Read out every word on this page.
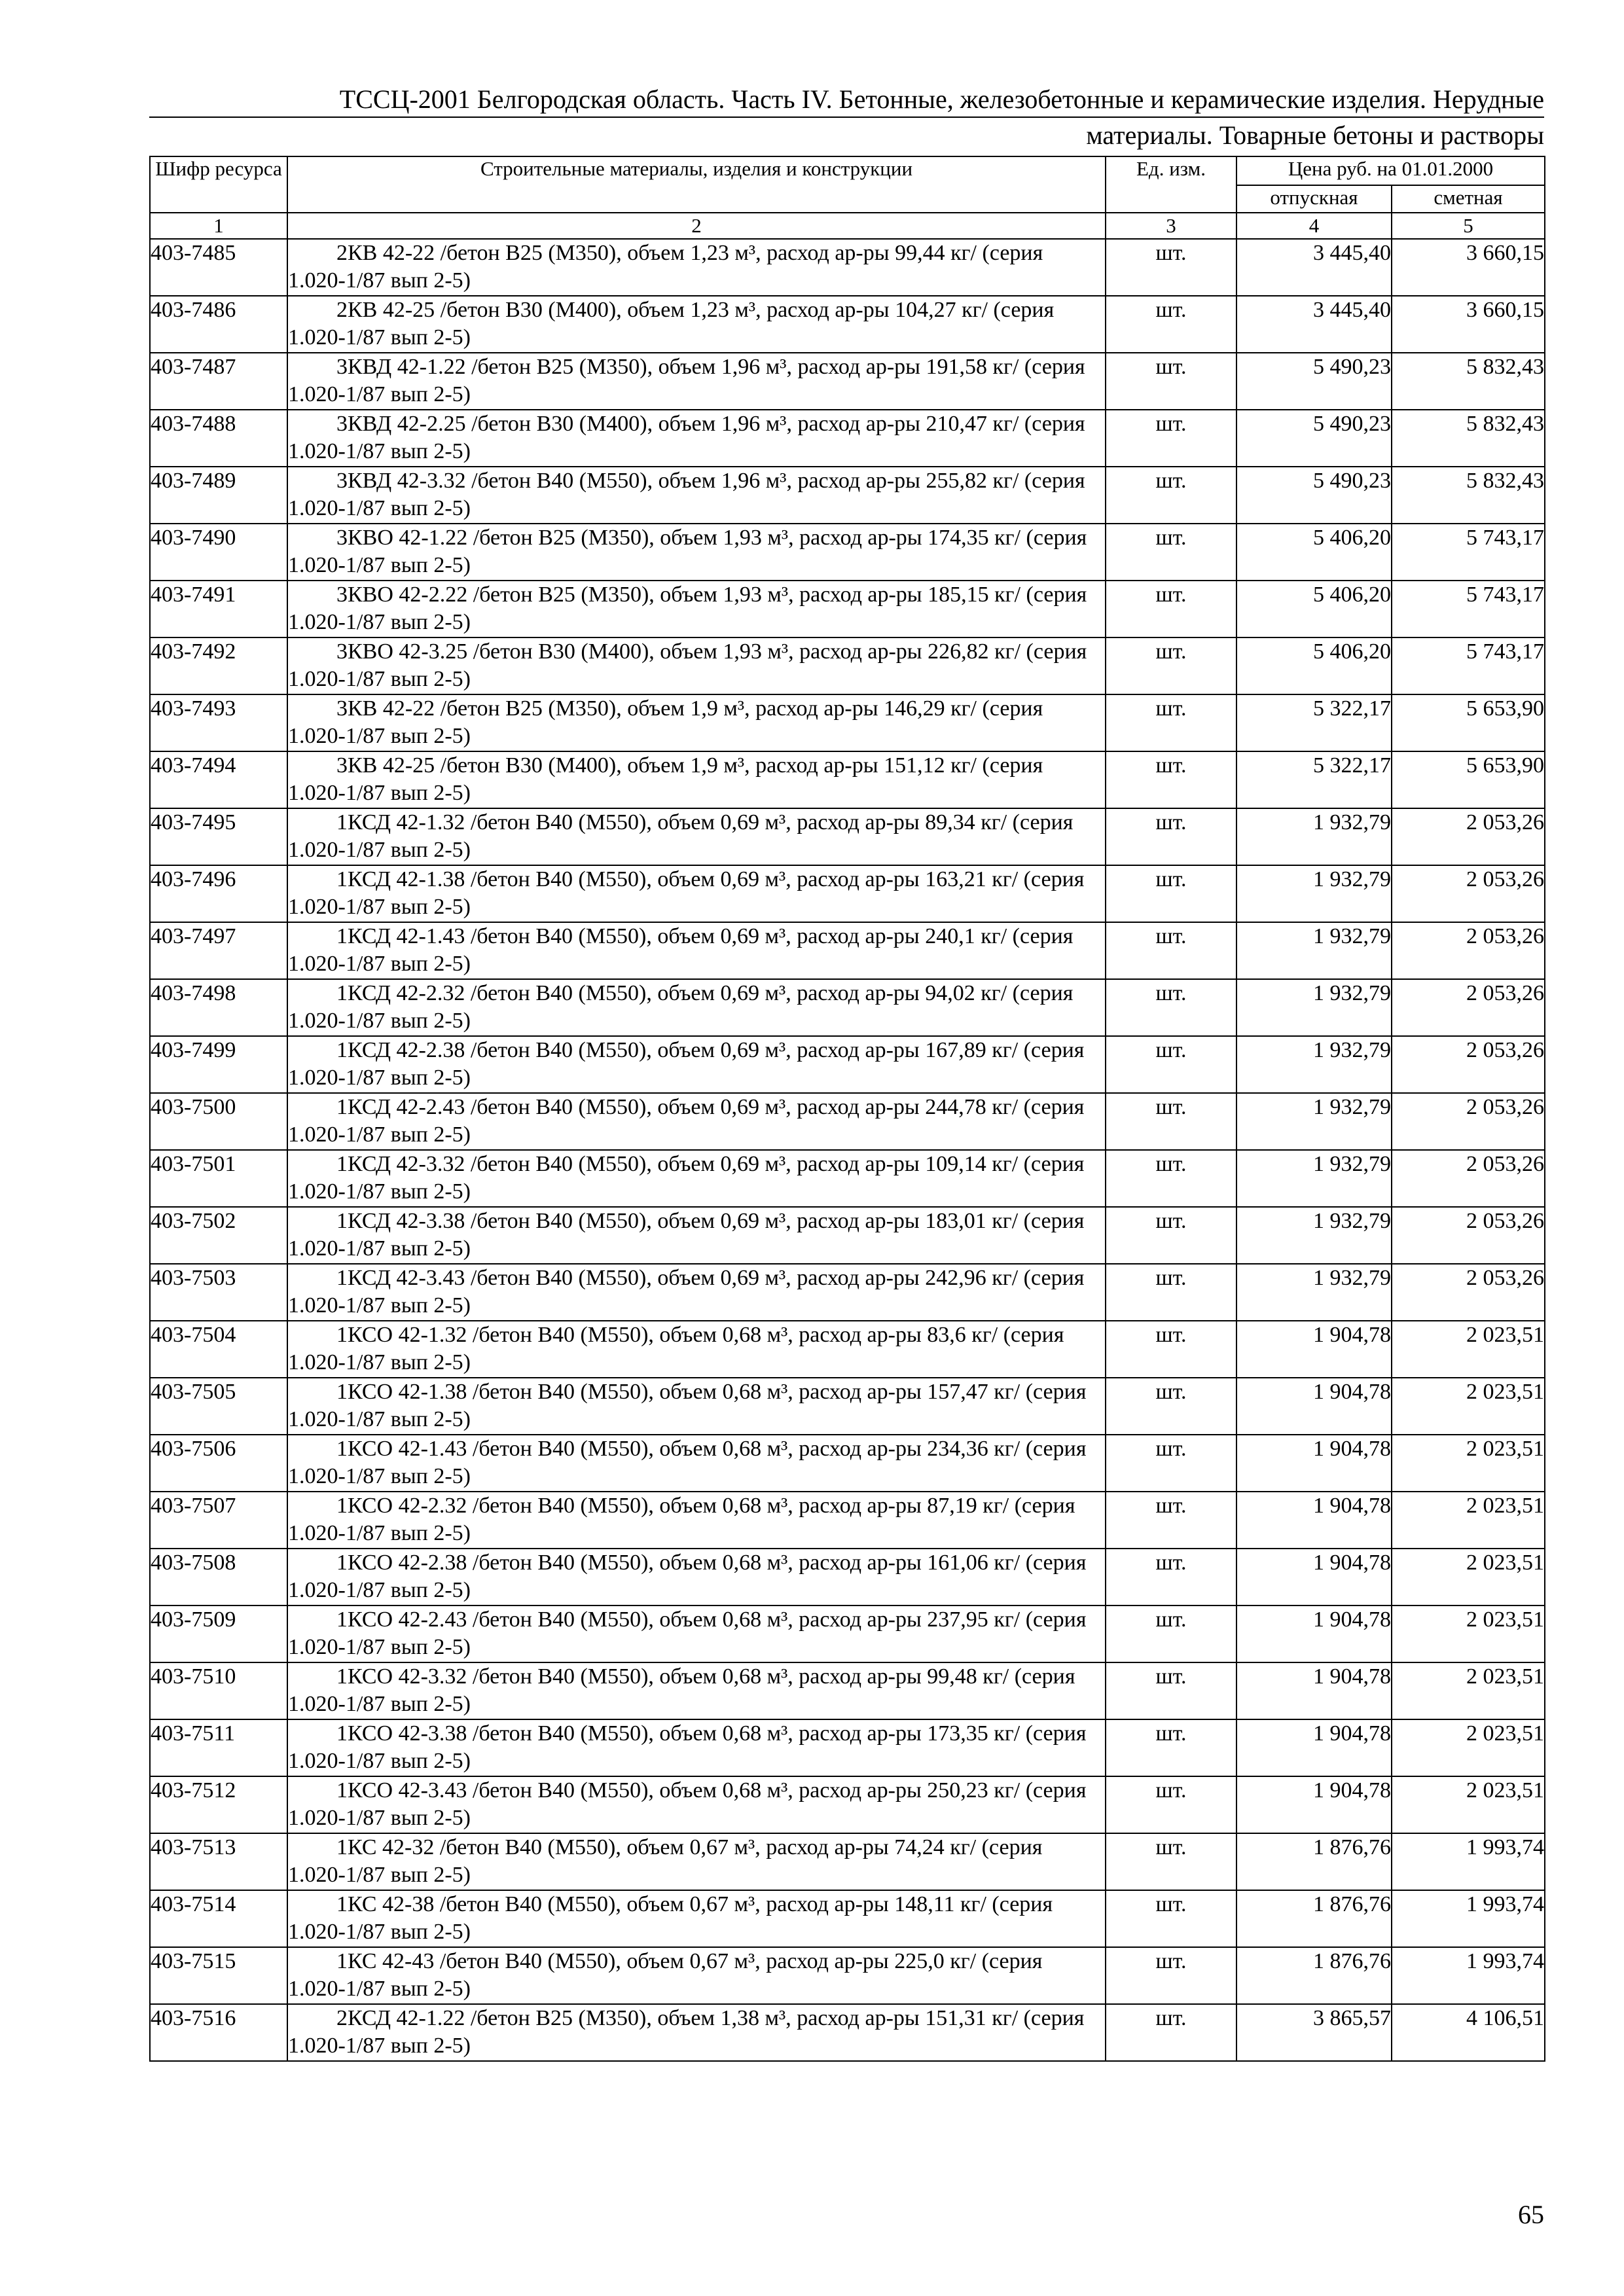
ТССЦ-2001 Белгородская область. Часть IV. Бетонные, железобетонные и керамические изделия. Нерудные
материалы. Товарные бетоны и растворы
Шифр ресурса	Строительные материалы, изделия и конструкции	Ед. изм.	Цена руб. на 01.01.2000	
			отпускная	сметная
1	2	3	4	5
403-7485	2КВ 42-22 /бетон В25 (М350), объем 1,23 м³, расход ар-ры 99,44 кг/ (серия 1.020-1/87 вып 2-5)	шт.	3 445,40	3 660,15
403-7486	2КВ 42-25 /бетон В30 (М400), объем 1,23 м³, расход ар-ры 104,27 кг/ (серия 1.020-1/87 вып 2-5)	шт.	3 445,40	3 660,15
403-7487	3КВД 42-1.22 /бетон В25 (М350), объем 1,96 м³, расход ар-ры 191,58 кг/ (серия 1.020-1/87 вып 2-5)	шт.	5 490,23	5 832,43
403-7488	3КВД 42-2.25 /бетон В30 (М400), объем 1,96 м³, расход ар-ры 210,47 кг/ (серия 1.020-1/87 вып 2-5)	шт.	5 490,23	5 832,43
403-7489	3КВД 42-3.32 /бетон В40 (М550), объем 1,96 м³, расход ар-ры 255,82 кг/ (серия 1.020-1/87 вып 2-5)	шт.	5 490,23	5 832,43
403-7490	3КВО 42-1.22 /бетон В25 (М350), объем 1,93 м³, расход ар-ры 174,35 кг/ (серия 1.020-1/87 вып 2-5)	шт.	5 406,20	5 743,17
403-7491	3КВО 42-2.22 /бетон В25 (М350), объем 1,93 м³, расход ар-ры 185,15 кг/ (серия 1.020-1/87 вып 2-5)	шт.	5 406,20	5 743,17
403-7492	3КВО 42-3.25 /бетон В30 (М400), объем 1,93 м³, расход ар-ры 226,82 кг/ (серия 1.020-1/87 вып 2-5)	шт.	5 406,20	5 743,17
403-7493	3КВ 42-22 /бетон В25 (М350), объем 1,9 м³, расход ар-ры 146,29 кг/ (серия 1.020-1/87 вып 2-5)	шт.	5 322,17	5 653,90
403-7494	3КВ 42-25 /бетон В30 (М400), объем 1,9 м³, расход ар-ры 151,12 кг/ (серия 1.020-1/87 вып 2-5)	шт.	5 322,17	5 653,90
403-7495	1КСД 42-1.32 /бетон В40 (М550), объем 0,69 м³, расход ар-ры 89,34 кг/ (серия 1.020-1/87 вып 2-5)	шт.	1 932,79	2 053,26
403-7496	1КСД 42-1.38 /бетон В40 (М550), объем 0,69 м³, расход ар-ры 163,21 кг/ (серия 1.020-1/87 вып 2-5)	шт.	1 932,79	2 053,26
403-7497	1КСД 42-1.43 /бетон В40 (М550), объем 0,69 м³, расход ар-ры 240,1 кг/ (серия 1.020-1/87 вып 2-5)	шт.	1 932,79	2 053,26
403-7498	1КСД 42-2.32 /бетон В40 (М550), объем 0,69 м³, расход ар-ры 94,02 кг/ (серия 1.020-1/87 вып 2-5)	шт.	1 932,79	2 053,26
403-7499	1КСД 42-2.38 /бетон В40 (М550), объем 0,69 м³, расход ар-ры 167,89 кг/ (серия 1.020-1/87 вып 2-5)	шт.	1 932,79	2 053,26
403-7500	1КСД 42-2.43 /бетон В40 (М550), объем 0,69 м³, расход ар-ры 244,78 кг/ (серия 1.020-1/87 вып 2-5)	шт.	1 932,79	2 053,26
403-7501	1КСД 42-3.32 /бетон В40 (М550), объем 0,69 м³, расход ар-ры 109,14 кг/ (серия 1.020-1/87 вып 2-5)	шт.	1 932,79	2 053,26
403-7502	1КСД 42-3.38 /бетон В40 (М550), объем 0,69 м³, расход ар-ры 183,01 кг/ (серия 1.020-1/87 вып 2-5)	шт.	1 932,79	2 053,26
403-7503	1КСД 42-3.43 /бетон В40 (М550), объем 0,69 м³, расход ар-ры 242,96 кг/ (серия 1.020-1/87 вып 2-5)	шт.	1 932,79	2 053,26
403-7504	1КСО 42-1.32 /бетон В40 (М550), объем 0,68 м³, расход ар-ры 83,6 кг/ (серия 1.020-1/87 вып 2-5)	шт.	1 904,78	2 023,51
403-7505	1КСО 42-1.38 /бетон В40 (М550), объем 0,68 м³, расход ар-ры 157,47 кг/ (серия 1.020-1/87 вып 2-5)	шт.	1 904,78	2 023,51
403-7506	1КСО 42-1.43 /бетон В40 (М550), объем 0,68 м³, расход ар-ры 234,36 кг/ (серия 1.020-1/87 вып 2-5)	шт.	1 904,78	2 023,51
403-7507	1КСО 42-2.32 /бетон В40 (М550), объем 0,68 м³, расход ар-ры 87,19 кг/ (серия 1.020-1/87 вып 2-5)	шт.	1 904,78	2 023,51
403-7508	1КСО 42-2.38 /бетон В40 (М550), объем 0,68 м³, расход ар-ры 161,06 кг/ (серия 1.020-1/87 вып 2-5)	шт.	1 904,78	2 023,51
403-7509	1КСО 42-2.43 /бетон В40 (М550), объем 0,68 м³, расход ар-ры 237,95 кг/ (серия 1.020-1/87 вып 2-5)	шт.	1 904,78	2 023,51
403-7510	1КСО 42-3.32 /бетон В40 (М550), объем 0,68 м³, расход ар-ры 99,48 кг/ (серия 1.020-1/87 вып 2-5)	шт.	1 904,78	2 023,51
403-7511	1КСО 42-3.38 /бетон В40 (М550), объем 0,68 м³, расход ар-ры 173,35 кг/ (серия 1.020-1/87 вып 2-5)	шт.	1 904,78	2 023,51
403-7512	1КСО 42-3.43 /бетон В40 (М550), объем 0,68 м³, расход ар-ры 250,23 кг/ (серия 1.020-1/87 вып 2-5)	шт.	1 904,78	2 023,51
403-7513	1КС 42-32 /бетон В40 (М550), объем 0,67 м³, расход ар-ры 74,24 кг/ (серия 1.020-1/87 вып 2-5)	шт.	1 876,76	1 993,74
403-7514	1КС 42-38 /бетон В40 (М550), объем 0,67 м³, расход ар-ры 148,11 кг/ (серия 1.020-1/87 вып 2-5)	шт.	1 876,76	1 993,74
403-7515	1КС 42-43 /бетон В40 (М550), объем 0,67 м³, расход ар-ры 225,0 кг/ (серия 1.020-1/87 вып 2-5)	шт.	1 876,76	1 993,74
403-7516	2КСД 42-1.22 /бетон В25 (М350), объем 1,38 м³, расход ар-ры 151,31 кг/ (серия 1.020-1/87 вып 2-5)	шт.	3 865,57	4 106,51
65
